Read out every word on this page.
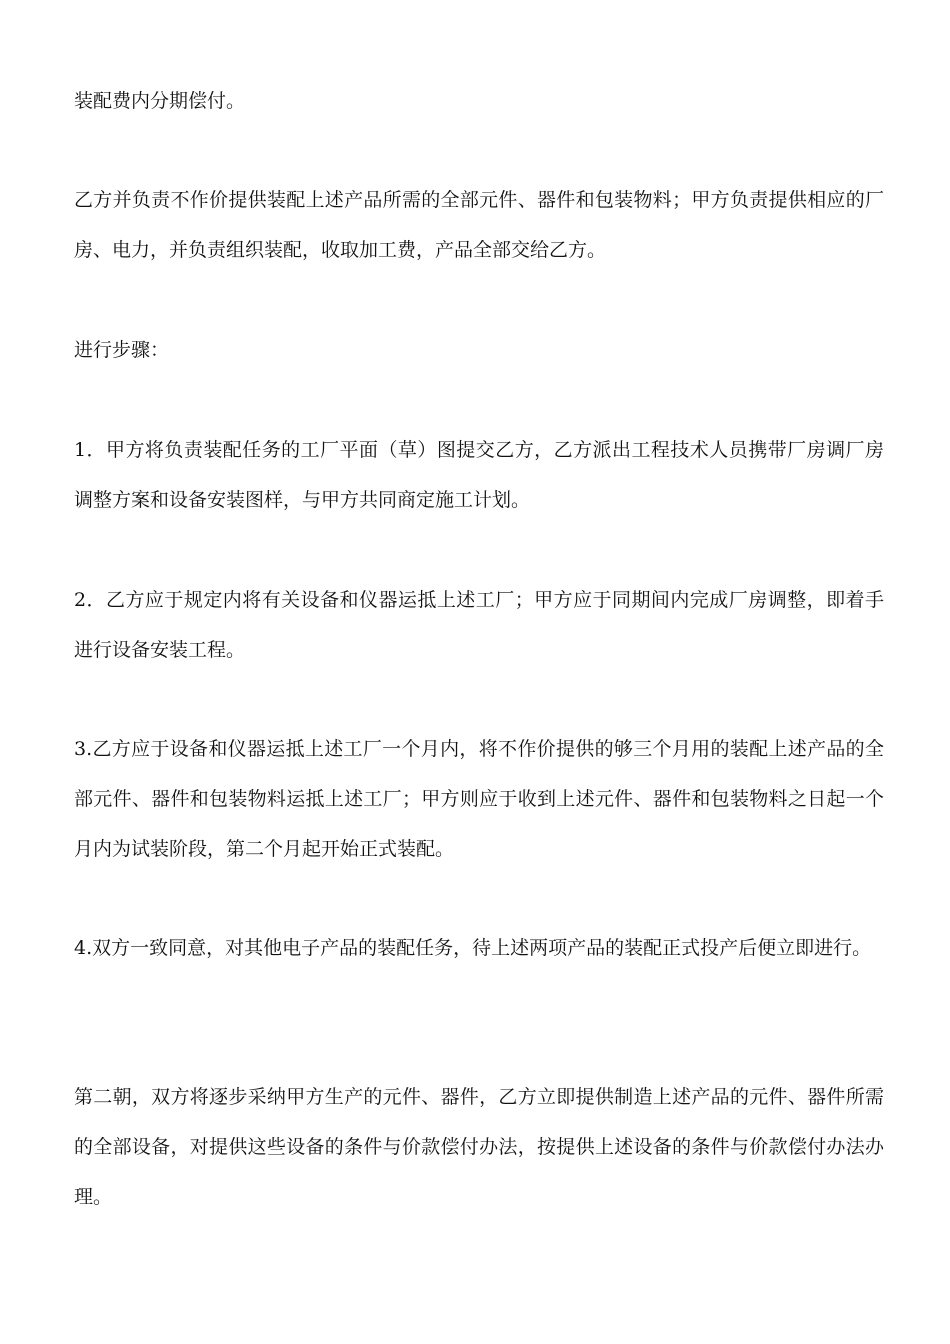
装配费内分期偿付。

乙方并负责不作价提供装配上述产品所需的全部元件、器件和包装物料；甲方负责提供相应的厂房、电力，并负责组织装配，收取加工费，产品全部交给乙方。

进行步骤：

1．甲方将负责装配任务的工厂平面（草）图提交乙方，乙方派出工程技术人员携带厂房调厂房调整方案和设备安装图样，与甲方共同商定施工计划。

2．乙方应于规定内将有关设备和仪器运抵上述工厂；甲方应于同期间内完成厂房调整，即着手进行设备安装工程。

3.乙方应于设备和仪器运抵上述工厂一个月内，将不作价提供的够三个月用的装配上述产品的全部元件、器件和包装物料运抵上述工厂；甲方则应于收到上述元件、器件和包装物料之日起一个月内为试装阶段，第二个月起开始正式装配。

4.双方一致同意，对其他电子产品的装配任务，待上述两项产品的装配正式投产后便立即进行。

第二朝，双方将逐步采纳甲方生产的元件、器件，乙方立即提供制造上述产品的元件、器件所需的全部设备，对提供这些设备的条件与价款偿付办法，按提供上述设备的条件与价款偿付办法办理。
